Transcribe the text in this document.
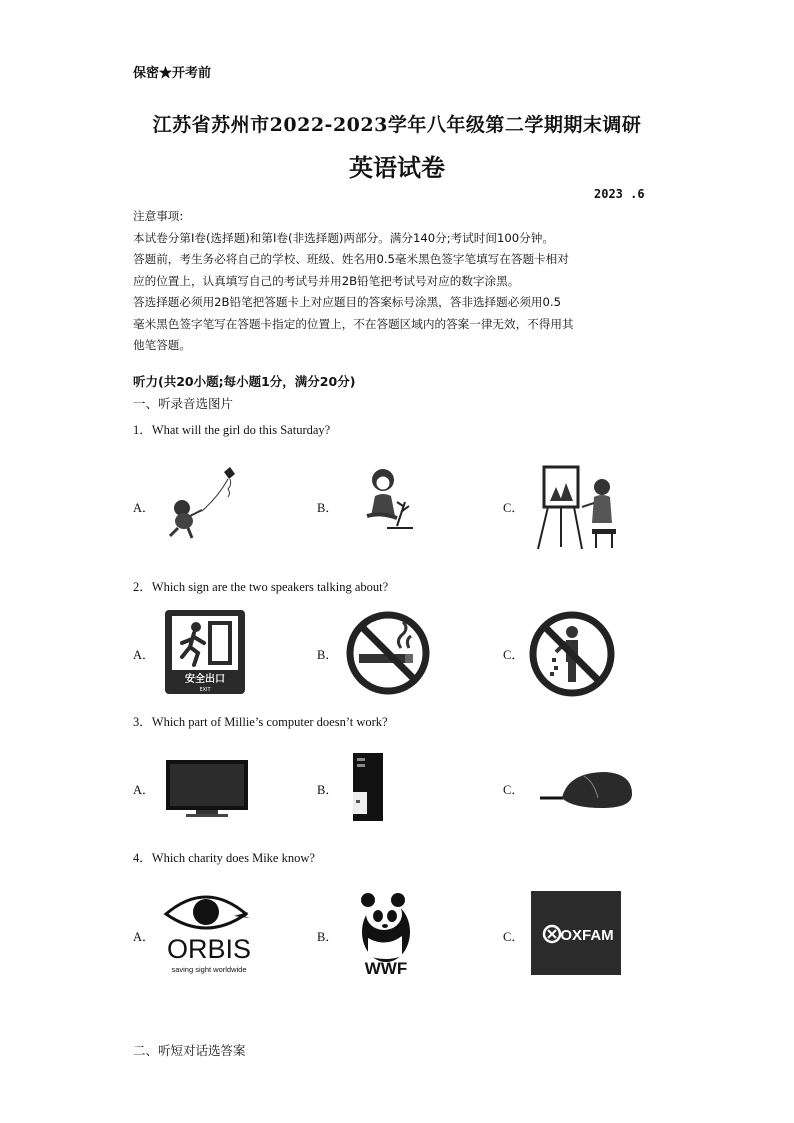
保密★开考前
江苏省苏州市2022-2023学年八年级第二学期期末调研
英语试卷
2023 .6
注意事项:
本试卷分第Ⅰ卷(选择题)和第Ⅰ卷(非选择题)两部分。满分140分;考试时间100分钟。
答题前，考生务必将自己的学校、班级、姓名用0.5毫米黑色签字笔填写在答题卡相对
应的位置上，认真填写自己的考试号并用2B铅笔把考试号对应的数字涂黑。
答选择题必须用2B铅笔把答题卡上对应题目的答案标号涂黑，答非选择题必须用0.5
毫米黑色签字笔写在答题卡指定的位置上，不在答题区域内的答案一律无效，不得用其
他笔答题。
听力(共20小题;每小题1分，满分20分)
一、听录音选图片
1．What will the girl do this Saturday?
A．	B．	C．
2．Which sign are the two speakers talking about?
A．	B．	C．
安全出口
EXIT
3．Which part of Millie’s computer doesn’t work?
A．	B．	C．
4．Which charity does Mike know?
A．	B．	C．
ORBIS
saving sight worldwide	WWF
OXFAM
二、听短对话选答案
